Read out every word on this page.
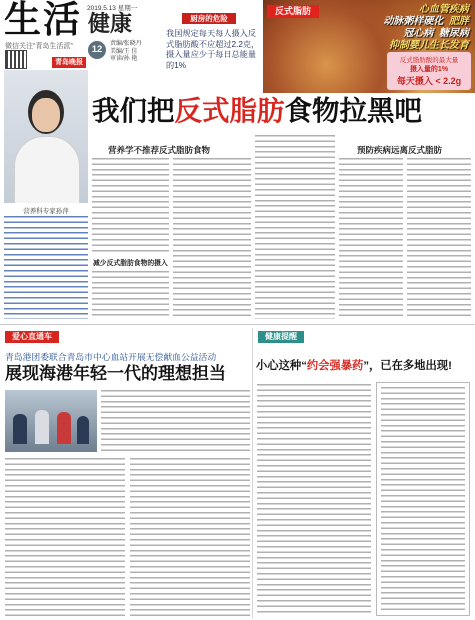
生活
微信关注“青岛生活派”
青岛晚报
2019.5.13 星期一
健康
12	责编/张晓丹
美编/王 佳
审读/孙 艳
厨房的危险
我国规定每天每人摄入反式脂肪酸不应超过2.2克，摄入量应少于每日总能量的1%
反式脂肪	心血管疾病
动脉粥样硬化 肥胖
冠心病 糖尿病
抑制婴儿生长发育
反式脂肪酸的最大量
摄入量的1%
每天摄入 < 2.2g
我们把反式脂肪食物拉黑吧
营养科专家孙萍
营养学不推荐反式脂肪食物	预防疾病远离反式脂肪
减少反式脂肪食物的摄入
爱心直通车
青岛港团委联合青岛市中心血站开展无偿献血公益活动
展现海港年轻一代的理想担当
健康提醒
小心这种“约会强暴药”，已在多地出现!
